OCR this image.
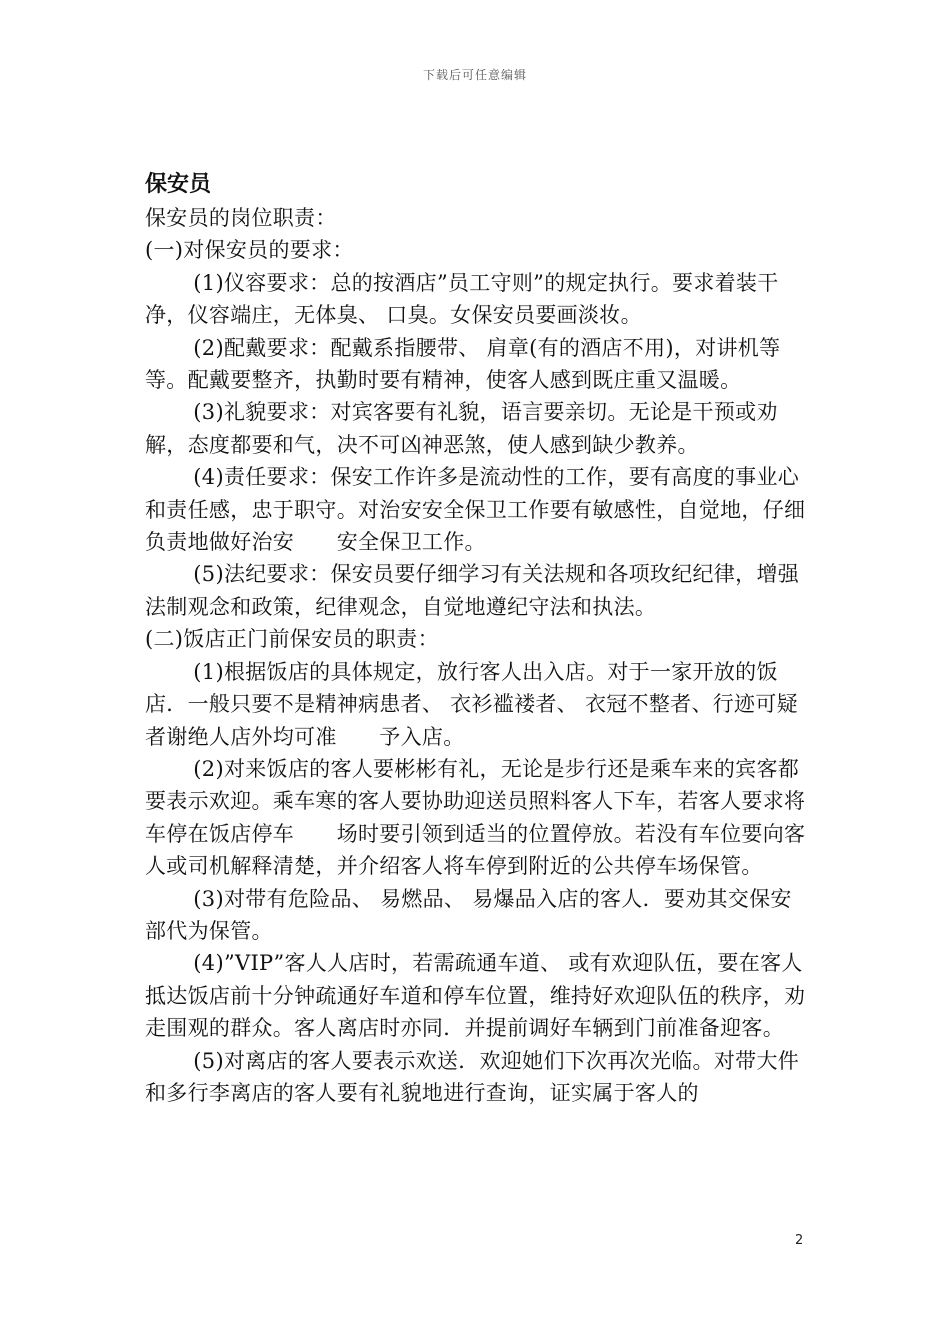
下载后可任意编辑
保安员

保安员的岗位职责：

(一)对保安员的要求：

(1)仪容要求：总的按酒店”员工守则”的规定执行。要求着装干净，仪容端庄，无体臭、 口臭。女保安员要画淡妆。

(2)配戴要求：配戴系指腰带、 肩章(有的酒店不用)，对讲机等等。配戴要整齐，执勤时要有精神，使客人感到既庄重又温暖。

(3)礼貌要求：对宾客要有礼貌，语言要亲切。无论是干预或劝解，态度都要和气，决不可凶神恶煞，使人感到缺少教养。

(4)责任要求：保安工作许多是流动性的工作，要有高度的事业心和责任感，忠于职守。对治安安全保卫工作要有敏感性，自觉地，仔细负责地做好治安　　安全保卫工作。

(5)法纪要求：保安员要仔细学习有关法规和各项玫纪纪律，增强法制观念和政策，纪律观念，自觉地遵纪守法和执法。

(二)饭店正门前保安员的职责：

(1)根据饭店的具体规定，放行客人出入店。对于一家开放的饭店．一般只要不是精神病患者、 衣衫褴褛者、 衣冠不整者、行迹可疑者谢绝人店外均可准　　予入店。

(2)对来饭店的客人要彬彬有礼，无论是步行还是乘车来的宾客都要表示欢迎。乘车寒的客人要协助迎送员照料客人下车，若客人要求将车停在饭店停车　　场时要引领到适当的位置停放。若没有车位要向客人或司机解释清楚，并介绍客人将车停到附近的公共停车场保管。

(3)对带有危险品、 易燃品、 易爆品入店的客人．要劝其交保安部代为保管。

(4)”VIP”客人人店时，若需疏通车道、 或有欢迎队伍，要在客人抵达饭店前十分钟疏通好车道和停车位置，维持好欢迎队伍的秩序，劝走围观的群众。客人离店时亦同．并提前调好车辆到门前准备迎客。

(5)对离店的客人要表示欢送．欢迎她们下次再次光临。对带大件和多行李离店的客人要有礼貌地进行查询，证实属于客人的

2
